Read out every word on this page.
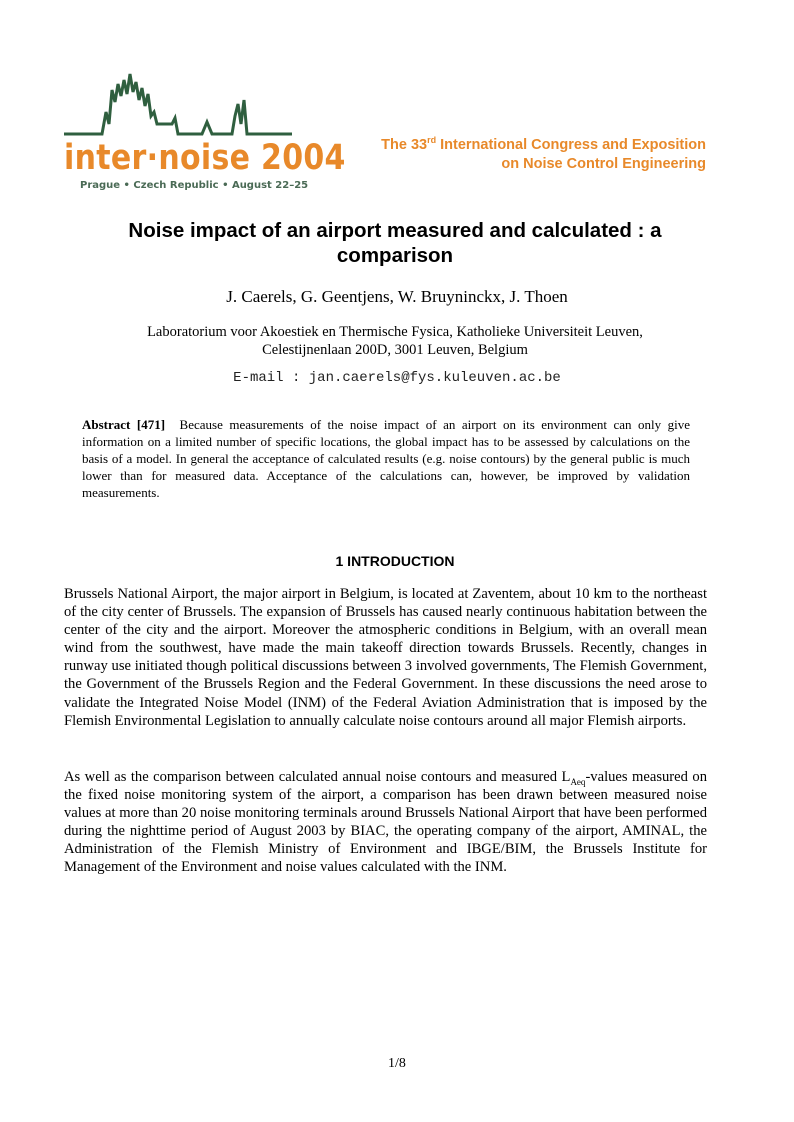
inter·noise 2004
Prague • Czech Republic • August 22–25
The 33rd International Congress and Exposition
on Noise Control Engineering
Noise impact of an airport measured and calculated : a comparison
J. Caerels, G. Geentjens, W. Bruyninckx, J. Thoen
Laboratorium voor Akoestiek en Thermische Fysica, Katholieke Universiteit Leuven,
Celestijnenlaan 200D, 3001 Leuven, Belgium
E-mail : jan.caerels@fys.kuleuven.ac.be
Abstract [471] Because measurements of the noise impact of an airport on its environment can only give information on a limited number of specific locations, the global impact has to be assessed by calculations on the basis of a model. In general the acceptance of calculated results (e.g. noise contours) by the general public is much lower than for measured data. Acceptance of the calculations can, however, be improved by validation measurements.
1 INTRODUCTION

Brussels National Airport, the major airport in Belgium, is located at Zaventem, about 10 km to the northeast of the city center of Brussels. The expansion of Brussels has caused nearly continuous habitation between the center of the city and the airport. Moreover the atmospheric conditions in Belgium, with an overall mean wind from the southwest, have made the main takeoff direction towards Brussels. Recently, changes in runway use initiated though political discussions between 3 involved governments, The Flemish Government, the Government of the Brussels Region and the Federal Government. In these discussions the need arose to validate the Integrated Noise Model (INM) of the Federal Aviation Administration that is imposed by the Flemish Environmental Legislation to annually calculate noise contours around all major Flemish airports.

As well as the comparison between calculated annual noise contours and measured $L_{Aeq}$-values measured on the fixed noise monitoring system of the airport, a comparison has been drawn between measured noise values at more than 20 noise monitoring terminals around Brussels National Airport that have been performed during the nighttime period of August 2003 by BIAC, the operating company of the airport, AMINAL, the Administration of the Flemish Ministry of Environment and IBGE/BIM, the Brussels Institute for Management of the Environment and noise values calculated with the INM.

1/8
